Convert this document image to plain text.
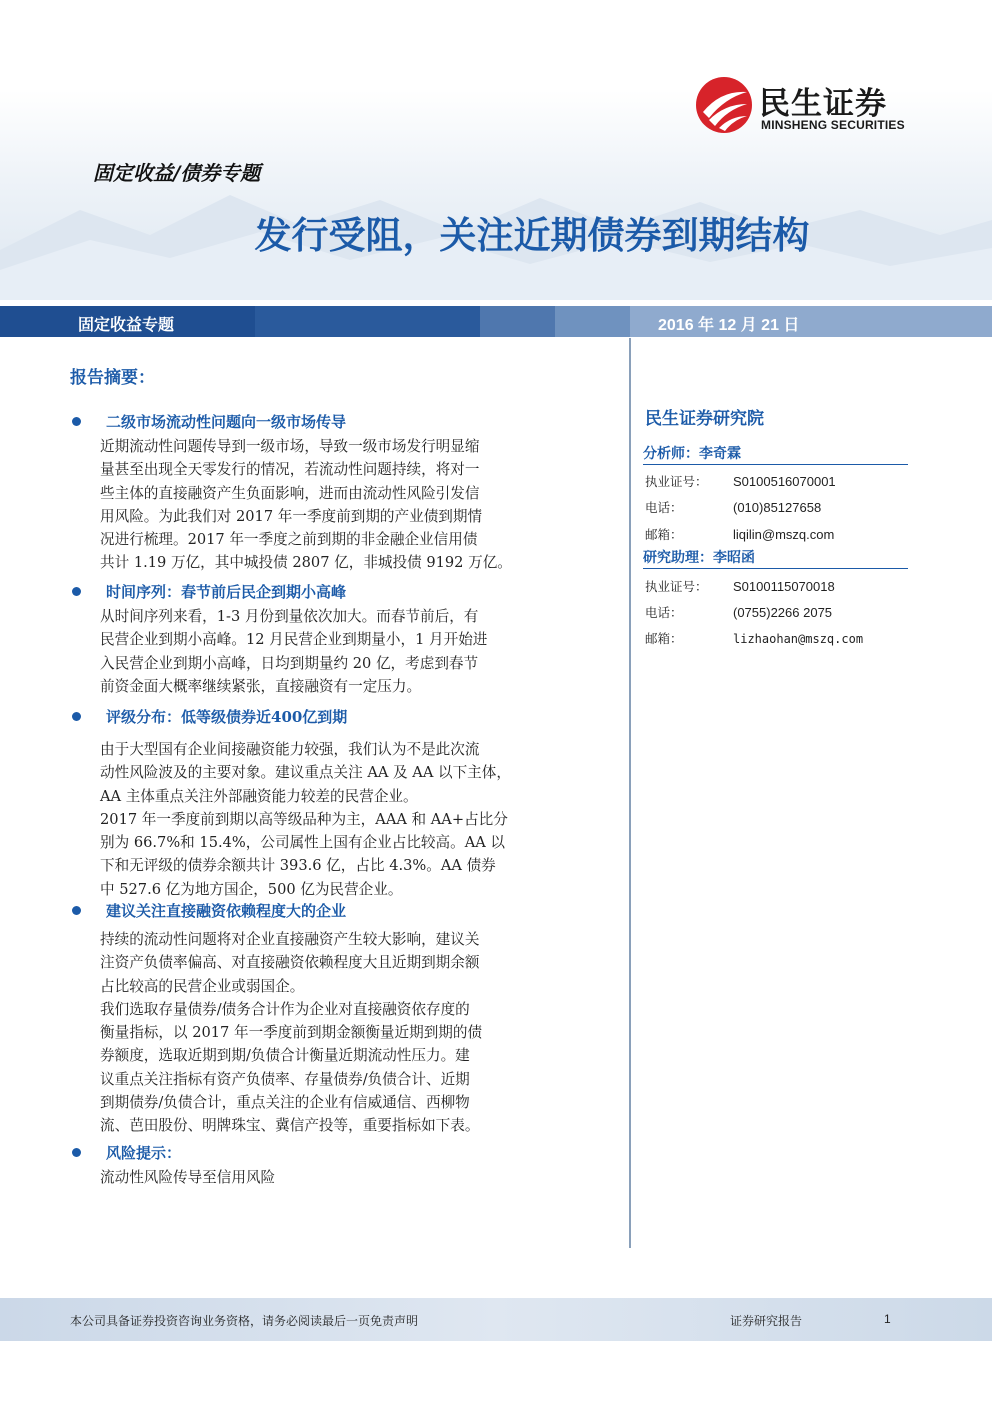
民生证券
MINSHENG SECURITIES
固定收益/债券专题
发行受阻，关注近期债券到期结构
固定收益专题	2016 年 12 月 21 日
报告摘要：
二级市场流动性问题向一级市场传导
近期流动性问题传导到一级市场，导致一级市场发行明显缩
量甚至出现全天零发行的情况，若流动性问题持续，将对一
些主体的直接融资产生负面影响，进而由流动性风险引发信
用风险。为此我们对 2017 年一季度前到期的产业债到期情
况进行梳理。2017 年一季度之前到期的非金融企业信用债
共计 1.19 万亿，其中城投债 2807 亿，非城投债 9192 万亿。
时间序列：春节前后民企到期小高峰
从时间序列来看，1-3 月份到量依次加大。而春节前后，有
民营企业到期小高峰。12 月民营企业到期量小，1 月开始进
入民营企业到期小高峰，日均到期量约 20 亿，考虑到春节
前资金面大概率继续紧张，直接融资有一定压力。
评级分布：低等级债券近400亿到期
由于大型国有企业间接融资能力较强，我们认为不是此次流
动性风险波及的主要对象。建议重点关注 AA 及 AA 以下主体，
AA 主体重点关注外部融资能力较差的民营企业。
2017 年一季度前到期以高等级品种为主，AAA 和 AA+占比分
别为 66.7%和 15.4%，公司属性上国有企业占比较高。AA 以
下和无评级的债券余额共计 393.6 亿，占比 4.3%。AA 债券
中 527.6 亿为地方国企，500 亿为民营企业。
建议关注直接融资依赖程度大的企业
持续的流动性问题将对企业直接融资产生较大影响，建议关
注资产负债率偏高、对直接融资依赖程度大且近期到期余额
占比较高的民营企业或弱国企。
我们选取存量债券/债务合计作为企业对直接融资依存度的
衡量指标，以 2017 年一季度前到期金额衡量近期到期的债
券额度，选取近期到期/负债合计衡量近期流动性压力。建
议重点关注指标有资产负债率、存量债券/负债合计、近期
到期债券/负债合计，重点关注的企业有信威通信、西柳物
流、芭田股份、明牌珠宝、冀信产投等，重要指标如下表。
风险提示：
流动性风险传导至信用风险
民生证券研究院
分析师：李奇霖
执业证号： S0100516070001
电话：	(010)85127658
邮箱：	liqilin@mszq.com
研究助理：李昭函
执业证号： S0100115070018
电话：	(0755)2266 2075
邮箱：	lizhaohan@mszq.com
本公司具备证券投资咨询业务资格，请务必阅读最后一页免责声明	证券研究报告	1
